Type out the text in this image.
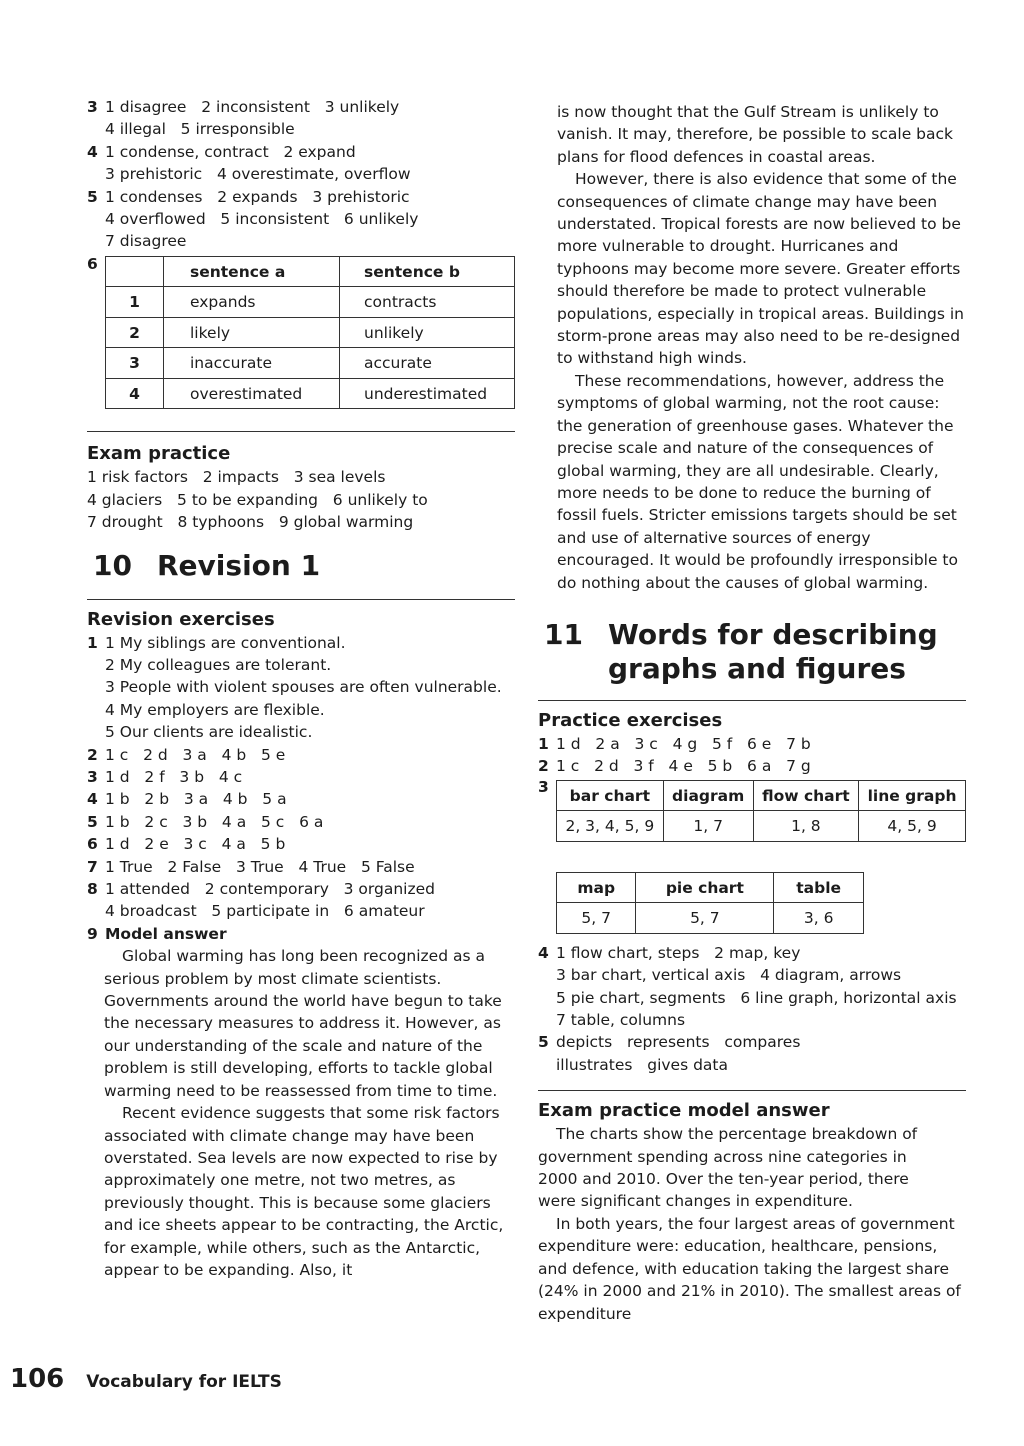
3 1 disagree   2 inconsistent   3 unlikely
4 illegal   5 irresponsible
4 1 condense, contract   2 expand
3 prehistoric   4 overestimate, overflow
5 1 condenses   2 expands   3 prehistoric
4 overflowed   5 inconsistent   6 unlikely
7 disagree
6
		sentence a	sentence b
1	expands	contracts
2	likely	unlikely
3	inaccurate	accurate
4	overestimated	underestimated
Exam practice
1 risk factors   2 impacts   3 sea levels
4 glaciers   5 to be expanding   6 unlikely to
7 drought   8 typhoons   9 global warming
10 Revision 1
Revision exercises
1 1 My siblings are conventional.
2 My colleagues are tolerant.
3 People with violent spouses are often vulnerable.
4 My employers are flexible.
5 Our clients are idealistic.
2 1 c   2 d   3 a   4 b   5 e
3 1 d   2 f   3 b   4 c
4 1 b   2 b   3 a   4 b   5 a
5 1 b   2 c   3 b   4 a   5 c   6 a
6 1 d   2 e   3 c   4 a   5 b
7 1 True   2 False   3 True   4 True   5 False
8 1 attended   2 contemporary   3 organized
4 broadcast   5 participate in   6 amateur
9 Model answer
Global warming has long been recognized as a serious problem by most climate scientists. Governments around the world have begun to take the necessary measures to address it. However, as our understanding of the scale and nature of the problem is still developing, efforts to tackle global warming need to be reassessed from time to time.
Recent evidence suggests that some risk factors associated with climate change may have been overstated. Sea levels are now expected to rise by approximately one metre, not two metres, as previously thought. This is because some glaciers and ice sheets appear to be contracting, the Arctic, for example, while others, such as the Antarctic, appear to be expanding. Also, it
is now thought that the Gulf Stream is unlikely to vanish. It may, therefore, be possible to scale back plans for flood defences in coastal areas.
However, there is also evidence that some of the consequences of climate change may have been understated. Tropical forests are now believed to be more vulnerable to drought. Hurricanes and typhoons may become more severe. Greater efforts should therefore be made to protect vulnerable populations, especially in tropical areas. Buildings in storm-prone areas may also need to be re-designed to withstand high winds.
These recommendations, however, address the symptoms of global warming, not the root cause: the generation of greenhouse gases. Whatever the precise scale and nature of the consequences of global warming, they are all undesirable. Clearly, more needs to be done to reduce the burning of fossil fuels. Stricter emissions targets should be set and use of alternative sources of energy encouraged. It would be profoundly irresponsible to do nothing about the causes of global warming.
11 Words for describing
graphs and figures
Practice exercises
1 1 d   2 a   3 c   4 g   5 f   6 e   7 b
2 1 c   2 d   3 f   4 e   5 b   6 a   7 g
3	bar chart	diagram	flow chart	line graph
2, 3, 4, 5, 9	1, 7	1, 8	4, 5, 9
map	pie chart	table
5, 7	5, 7	3, 6
4 1 flow chart, steps   2 map, key
3 bar chart, vertical axis   4 diagram, arrows
5 pie chart, segments   6 line graph, horizontal axis
7 table, columns
5 depicts   represents   compares
illustrates   gives data
Exam practice model answer
The charts show the percentage breakdown of government spending across nine categories in 2000 and 2010. Over the ten-year period, there were significant changes in expenditure.
In both years, the four largest areas of government expenditure were: education, healthcare, pensions, and defence, with education taking the largest share (24% in 2000 and 21% in 2010). The smallest areas of expenditure
106 Vocabulary for IELTS
